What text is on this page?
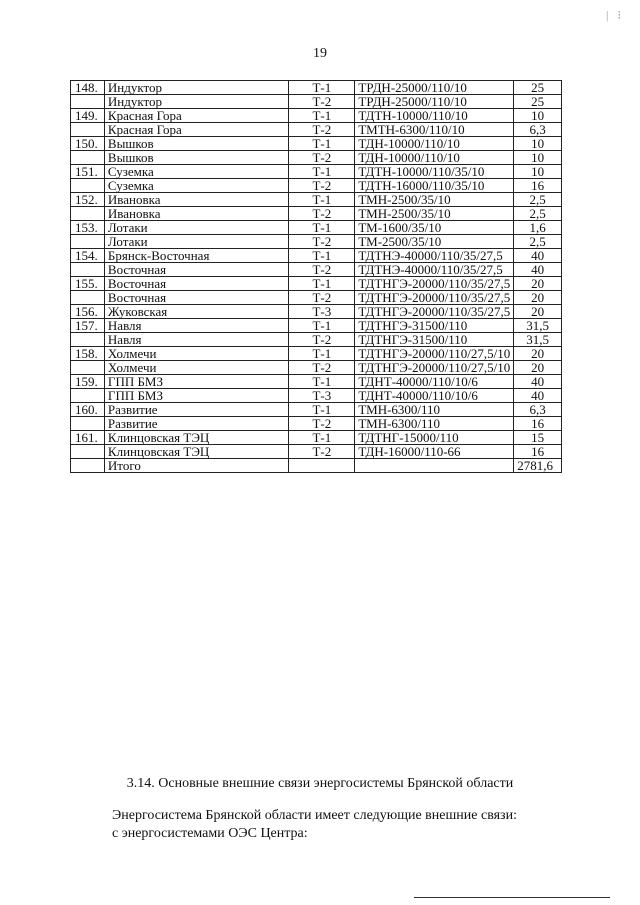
| ⁝
19
148.	Индуктор	Т-1	ТРДН-25000/110/10	25
	Индуктор	Т-2	ТРДН-25000/110/10	25
149.	Красная Гора	Т-1	ТДТН-10000/110/10	10
	Красная Гора	Т-2	ТМТН-6300/110/10	6,3
150.	Вышков	Т-1	ТДН-10000/110/10	10
	Вышков	Т-2	ТДН-10000/110/10	10
151.	Суземка	Т-1	ТДТН-10000/110/35/10	10
	Суземка	Т-2	ТДТН-16000/110/35/10	16
152.	Ивановка	Т-1	ТМН-2500/35/10	2,5
	Ивановка	Т-2	ТМН-2500/35/10	2,5
153.	Лотаки	Т-1	ТМ-1600/35/10	1,6
	Лотаки	Т-2	ТМ-2500/35/10	2,5
154.	Брянск-Восточная	Т-1	ТДТНЭ-40000/110/35/27,5	40
	Восточная	Т-2	ТДТНЭ-40000/110/35/27,5	40
155.	Восточная	Т-1	ТДТНГЭ-20000/110/35/27,5	20
	Восточная	Т-2	ТДТНГЭ-20000/110/35/27,5	20
156.	Жуковская	Т-3	ТДТНГЭ-20000/110/35/27,5	20
157.	Навля	Т-1	ТДТНГЭ-31500/110	31,5
	Навля	Т-2	ТДТНГЭ-31500/110	31,5
158.	Холмечи	Т-1	ТДТНГЭ-20000/110/27,5/10	20
	Холмечи	Т-2	ТДТНГЭ-20000/110/27,5/10	20
159.	ГПП БМЗ	Т-1	ТДНТ-40000/110/10/6	40
	ГПП БМЗ	Т-3	ТДНТ-40000/110/10/6	40
160.	Развитие	Т-1	ТМН-6300/110	6,3
	Развитие	Т-2	ТМН-6300/110	16
161.	Клинцовская ТЭЦ	Т-1	ТДТНГ-15000/110	15
	Клинцовская ТЭЦ	Т-2	ТДН-16000/110-66	16
	Итого			2781,6
3.14. Основные внешние связи энергосистемы Брянской области
Энергосистема Брянской области имеет следующие внешние связи:
с энергосистемами ОЭС Центра:
